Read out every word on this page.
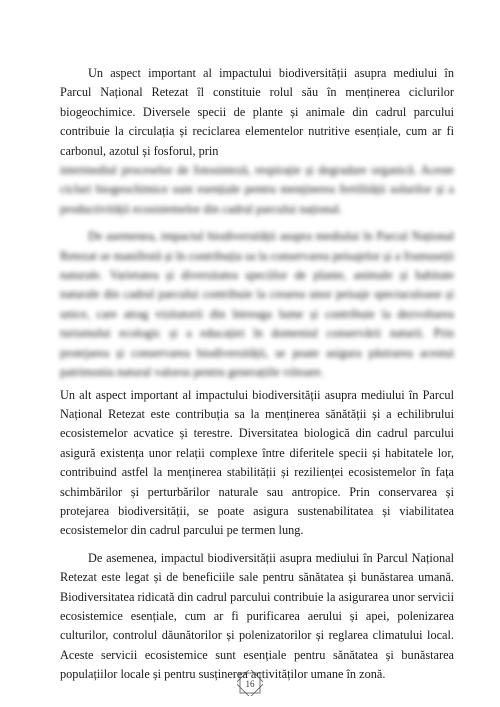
Un aspect important al impactului biodiversității asupra mediului în Parcul Național Retezat îl constituie rolul său în menținerea ciclurilor biogeochimice. Diversele specii de plante și animale din cadrul parcului contribuie la circulația și reciclarea elementelor nutritive esențiale, cum ar fi carbonul, azotul și fosforul, prin

intermediul proceselor de fotosinteză, respirație și degradare organică. Aceste cicluri biogeochimice sunt esențiale pentru menținerea fertilității solurilor și a productivității ecosistemelor din cadrul parcului național.

De asemenea, impactul biodiversității asupra mediului în Parcul Național Retezat se manifestă și în contribuția sa la conservarea peisajelor și a frumuseții naturale. Varietatea și diversitatea speciilor de plante, animale și habitate naturale din cadrul parcului contribuie la crearea unor peisaje spectaculoase și unice, care atrag vizitatorii din întreaga lume și contribuie la dezvoltarea turismului ecologic și a educației în domeniul conservării naturii. Prin protejarea și conservarea biodiversității, se poate asigura păstrarea acestui patrimoniu natural valoros pentru generațiile viitoare.

Un alt aspect important al impactului biodiversității asupra mediului în Parcul Național Retezat este contribuția sa la menținerea sănătății și a echilibrului ecosistemelor acvatice și terestre. Diversitatea biologică din cadrul parcului asigură existența unor relații complexe între diferitele specii și habitatele lor, contribuind astfel la menținerea stabilității și rezilienței ecosistemelor în fața schimbărilor și perturbărilor naturale sau antropice. Prin conservarea și protejarea biodiversității, se poate asigura sustenabilitatea și viabilitatea ecosistemelor din cadrul parcului pe termen lung.

De asemenea, impactul biodiversității asupra mediului în Parcul Național Retezat este legat și de beneficiile sale pentru sănătatea și bunăstarea umană. Biodiversitatea ridicată din cadrul parcului contribuie la asigurarea unor servicii ecosistemice esențiale, cum ar fi purificarea aerului și apei, polenizarea culturilor, controlul dăunătorilor și polenizatorilor și reglarea climatului local. Aceste servicii ecosistemice sunt esențiale pentru sănătatea și bunăstarea populațiilor locale și pentru susținerea activităților umane în zonă.

16
